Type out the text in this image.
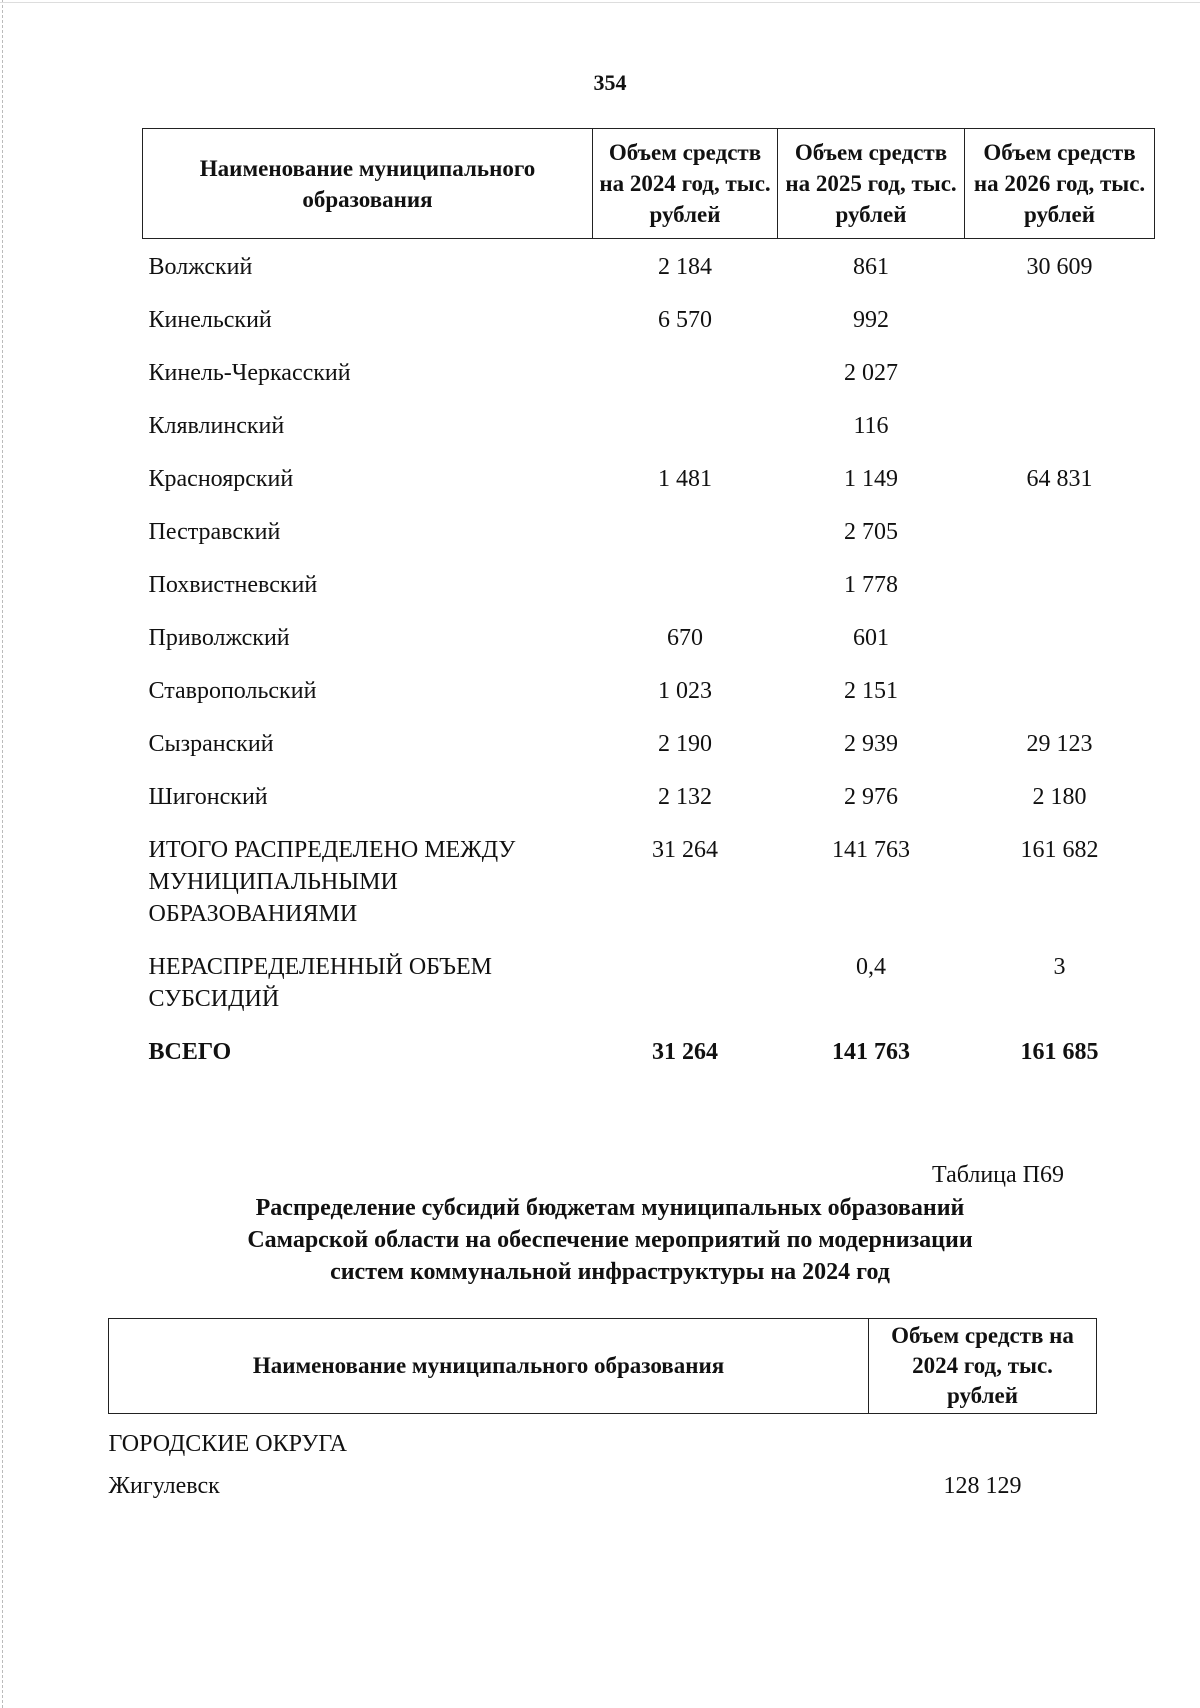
354
Наименование муниципального образования	Объем средств на 2024 год, тыс. рублей	Объем средств на 2025 год, тыс. рублей	Объем средств на 2026 год, тыс. рублей
Волжский	2 184	861	30 609
Кинельский	6 570	992	
Кинель-Черкасский		2 027	
Клявлинский		116	
Красноярский	1 481	1 149	64 831
Пестравский		2 705	
Похвистневский		1 778	
Приволжский	670	601	
Ставропольский	1 023	2 151	
Сызранский	2 190	2 939	29 123
Шигонский	2 132	2 976	2 180
ИТОГО РАСПРЕДЕЛЕНО МЕЖДУ МУНИЦИПАЛЬНЫМИ ОБРАЗОВАНИЯМИ	31 264	141 763	161 682
НЕРАСПРЕДЕЛЕННЫЙ ОБЪЕМ СУБСИДИЙ		0,4	3
ВСЕГО	31 264	141 763	161 685
Таблица П69
Распределение субсидий бюджетам муниципальных образований
Самарской области на обеспечение мероприятий по модернизации
систем коммунальной инфраструктуры на 2024 год
Наименование муниципального образования	Объем средств на 2024 год, тыс. рублей
ГОРОДСКИЕ ОКРУГА	
Жигулевск	128 129
